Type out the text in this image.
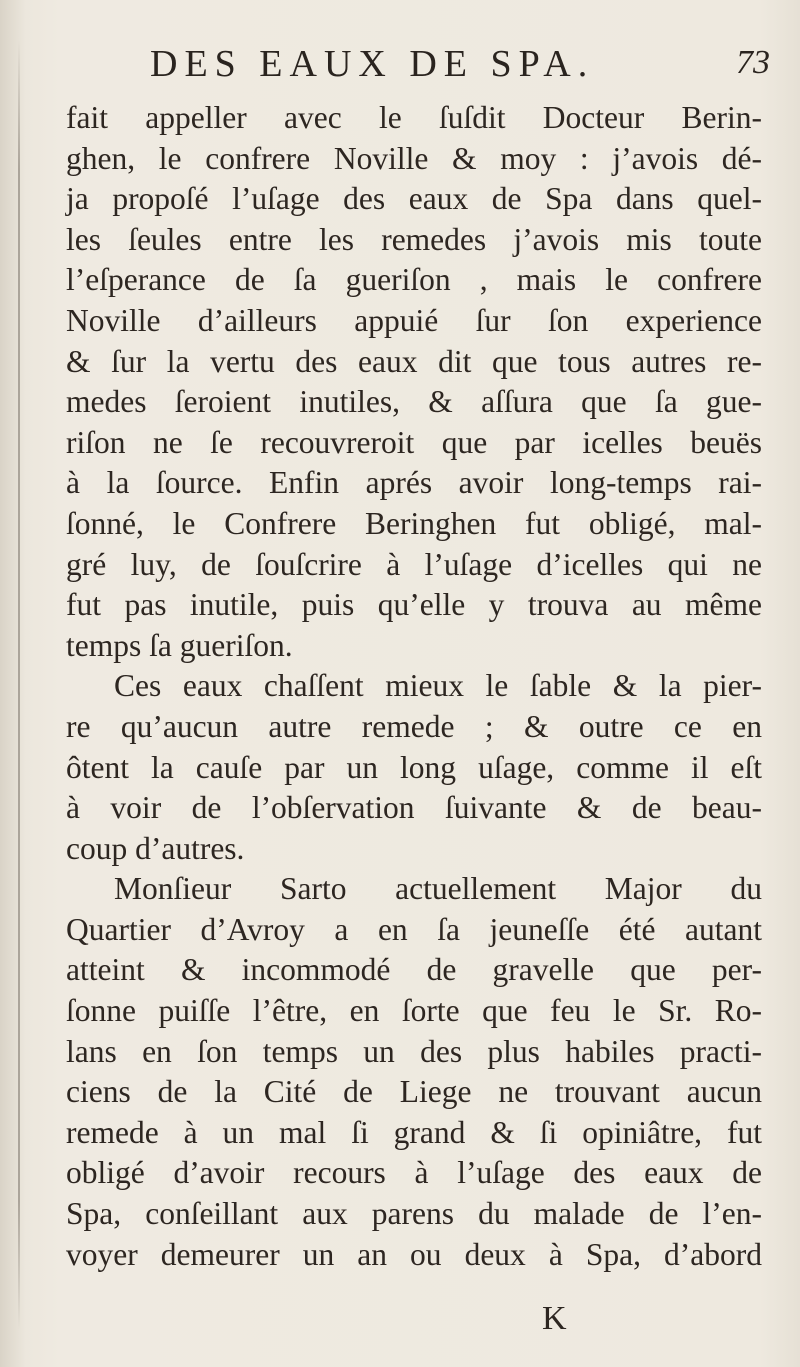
DES EAUX DE SPA.	73
fait appeller avec le ſuſdit Docteur Berin-
ghen, le confrere Noville & moy : j’avois dé-
ja propoſé l’uſage des eaux de Spa dans quel-
les ſeules entre les remedes j’avois mis toute
l’eſperance de ſa gueriſon , mais le confrere
Noville d’ailleurs appuié ſur ſon experience
& ſur la vertu des eaux dit que tous autres re-
medes ſeroient inutiles, & aſſura que ſa gue-
riſon ne ſe recouvreroit que par icelles beuës
à la ſource. Enfin aprés avoir long-temps rai-
ſonné, le Confrere Beringhen fut obligé, mal-
gré luy, de ſouſcrire à l’uſage d’icelles qui ne
fut pas inutile, puis qu’elle y trouva au même
temps ſa gueriſon.
Ces eaux chaſſent mieux le ſable & la pier-
re qu’aucun autre remede ; & outre ce en
ôtent la cauſe par un long uſage, comme il eſt
à voir de l’obſervation ſuivante & de beau-
coup d’autres.
Monſieur Sarto actuellement Major du
Quartier d’Avroy a en ſa jeuneſſe été autant
atteint & incommodé de gravelle que per-
ſonne puiſſe l’être, en ſorte que feu le Sr. Ro-
lans en ſon temps un des plus habiles practi-
ciens de la Cité de Liege ne trouvant aucun
remede à un mal ſi grand & ſi opiniâtre, fut
obligé d’avoir recours à l’uſage des eaux de
Spa, conſeillant aux parens du malade de l’en-
voyer demeurer un an ou deux à Spa, d’abord
K
